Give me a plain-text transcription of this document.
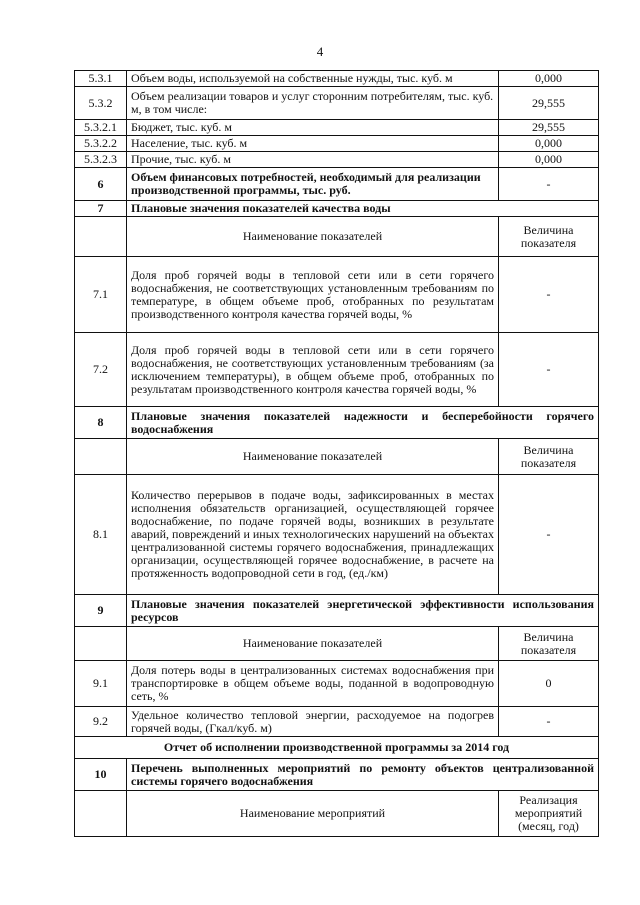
4
5.3.1	Объем воды, используемой на собственные нужды, тыс. куб. м	0,000
5.3.2	Объем реализации товаров и услуг сторонним потребителям, тыс. куб. м, в том числе:	29,555
5.3.2.1	Бюджет, тыс. куб. м	29,555
5.3.2.2	Население, тыс. куб. м	0,000
5.3.2.3	Прочие, тыс. куб. м	0,000
6	Объем финансовых потребностей, необходимый для реализации производственной программы, тыс. руб.	-
7	Плановые значения показателей качества воды	
	Наименование показателей	Величина показателя
7.1	Доля проб горячей воды в тепловой сети или в сети горячего водоснабжения, не соответствующих установленным требованиям по температуре, в общем объеме проб, отобранных по результатам производственного контроля качества горячей воды, %	-
7.2	Доля проб горячей воды в тепловой сети или в сети горячего водоснабжения, не соответствующих установленным требованиям (за исключением температуры), в общем объеме проб, отобранных по результатам производственного контроля качества горячей воды, %	-
8	Плановые значения показателей надежности и бесперебойности горячего водоснабжения	
	Наименование показателей	Величина показателя
8.1	Количество перерывов в подаче воды, зафиксированных в местах исполнения обязательств организацией, осуществляющей горячее водоснабжение, по подаче горячей воды, возникших в результате аварий, повреждений и иных технологических нарушений на объектах централизованной системы горячего водоснабжения, принадлежащих организации, осуществляющей горячее водоснабжение, в расчете на протяженность водопроводной сети в год, (ед./км)	-
9	Плановые значения показателей энергетической эффективности использования ресурсов	
	Наименование показателей	Величина показателя
9.1	Доля потерь воды в централизованных системах водоснабжения при транспортировке в общем объеме воды, поданной в водопроводную сеть, %	0
9.2	Удельное количество тепловой энергии, расходуемое на подогрев горячей воды, (Гкал/куб. м)	-
Отчет об исполнении производственной программы за 2014 год		
10	Перечень выполненных мероприятий по ремонту объектов централизованной системы горячего водоснабжения	
	Наименование мероприятий	Реализация мероприятий (месяц, год)
